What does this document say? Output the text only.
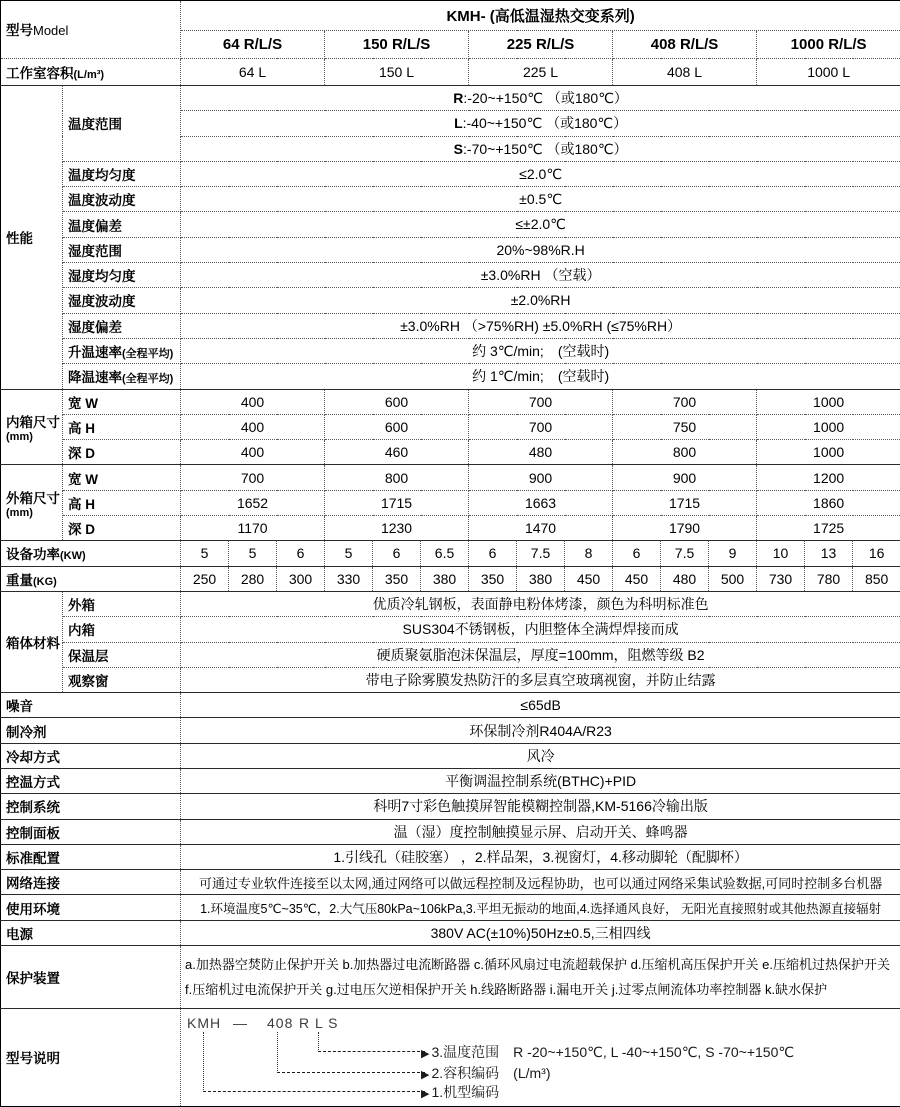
型号Model		KMH- (高低温湿热交变系列)														
		64 R/L/S			150 R/L/S			225 R/L/S			408 R/L/S			1000 R/L/S		
工作室容积(L/m³)		64 L			150 L			225 L			408 L			1000 L		
性能	温度范围	R:-20~+150℃ （或180℃）														
		L:-40~+150℃ （或180℃）														
		S:-70~+150℃ （或180℃）														
	温度均匀度	≤2.0℃														
	温度波动度	±0.5℃														
	温度偏差	≤±2.0℃														
	湿度范围	20%~98%R.H														
	湿度均匀度	±3.0%RH （空载）														
	湿度波动度	±2.0%RH														
	湿度偏差	±3.0%RH （>75%RH) ±5.0%RH (≤75%RH）														
	升温速率(全程平均)	约 3℃/min;　(空载时)														
	降温速率(全程平均)	约 1℃/min;　(空载时)														

内箱尺寸
(mm)	宽 W	400			600			700			700			1000		
	高 H	400			600			700			750			1000		
	深 D	400			460			480			800			1000		

外箱尺寸
(mm)	宽 W	700			800			900			900			1200		
	高 H	1652			1715			1663			1715			1860		
	深 D	1170			1230			1470			1790			1725		
设备功率(KW)		5	5	6	5	6	6.5	6	7.5	8	6	7.5	9	10	13	16
重量(KG)		250	280	300	330	350	380	350	380	450	450	480	500	730	780	850
箱体材料	外箱	优质冷轧钢板，表面静电粉体烤漆，颜色为科明标准色														
	内箱	SUS304不锈钢板，内胆整体全满焊焊接而成														
	保温层	硬质聚氨脂泡沫保温层，厚度=100mm，阻燃等级 B2														
	观察窗	带电子除雾膜发热防汗的多层真空玻璃视窗，并防止结露														
噪音		≤65dB														
制冷剂		环保制冷剂R404A/R23														
冷却方式		风冷														
控温方式		平衡调温控制系统(BTHC)+PID														
控制系统		科明7寸彩色触摸屏智能模糊控制器,KM-5166冷输出版														
控制面板		温（湿）度控制触摸显示屏、启动开关、蜂鸣器														
标准配置		1.引线孔（硅胶塞） ，2.样品架，3.视窗灯，4.移动脚轮（配脚杯）														
网络连接		可通过专业软件连接至以太网,通过网络可以做远程控制及远程协助，也可以通过网络采集试验数据,可同时控制多台机器														
使用环境		1.环境温度5℃~35℃，2.大气压80kPa~106kPa,3.平坦无振动的地面,4.选择通风良好， 无阳光直接照射或其他热源直接辐射														
电源		380V AC(±10%)50Hz±0.5,三相四线														
保护装置		a.加热器空焚防止保护开关 b.加热器过电流断路器 c.循环风扇过电流超载保护 d.压缩机高压保护开关 e.压缩机过热保护开关
f.压缩机过电流保护开关 g.过电压欠逆相保护开关 h.线路断路器 i.漏电开关 j.过零点闸流体功率控制器 k.缺水保护														

型号说明	
KMH — 408 R L S
▶ 3.温度范围　R -20~+150℃, L -40~+150℃, S -70~+150℃
▶ 2.容积编码　(L/m³)
▶ 1.机型编码
